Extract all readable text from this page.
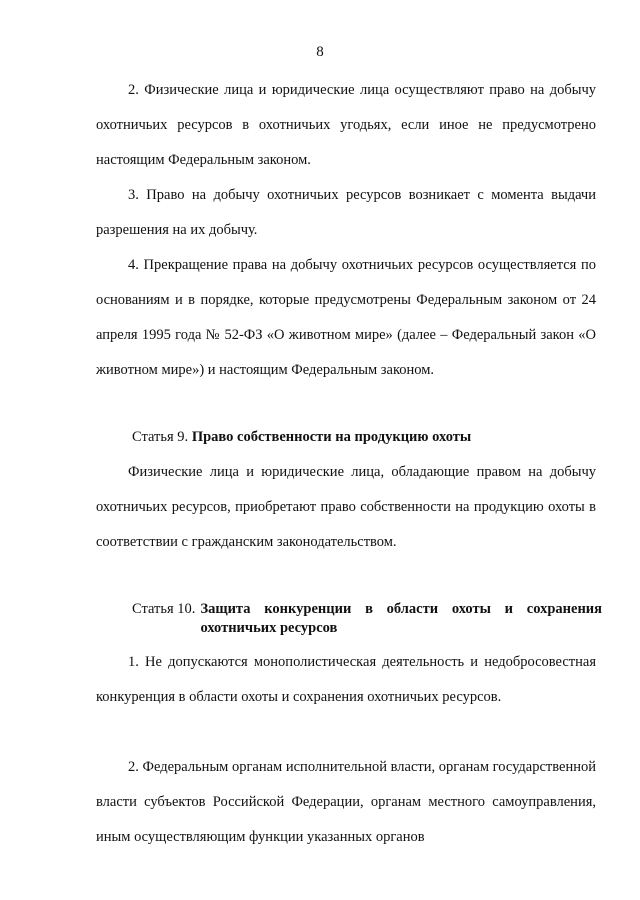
8

2. Физические лица и юридические лица осуществляют право на добычу охотничьих ресурсов в охотничьих угодьях, если иное не предусмотрено настоящим Федеральным законом.

3. Право на добычу охотничьих ресурсов возникает с момента выдачи разрешения на их добычу.

4. Прекращение права на добычу охотничьих ресурсов осуществляется по основаниям и в порядке, которые предусмотрены Федеральным законом от 24 апреля 1995 года № 52-ФЗ «О животном мире» (далее – Федеральный закон «О животном мире») и настоящим Федеральным законом.

Статья 9. Право собственности на продукцию охоты

Физические лица и юридические лица, обладающие правом на добычу охотничьих ресурсов, приобретают право собственности на продукцию охоты в соответствии с гражданским законодательством.

Статья 10. Защита конкуренции в области охоты и сохранения охотничьих ресурсов

1. Не допускаются монополистическая деятельность и недобросовестная конкуренция в области охоты и сохранения охотничьих ресурсов.

2. Федеральным органам исполнительной власти, органам государственной власти субъектов Российской Федерации, органам местного самоуправления, иным осуществляющим функции указанных органов
